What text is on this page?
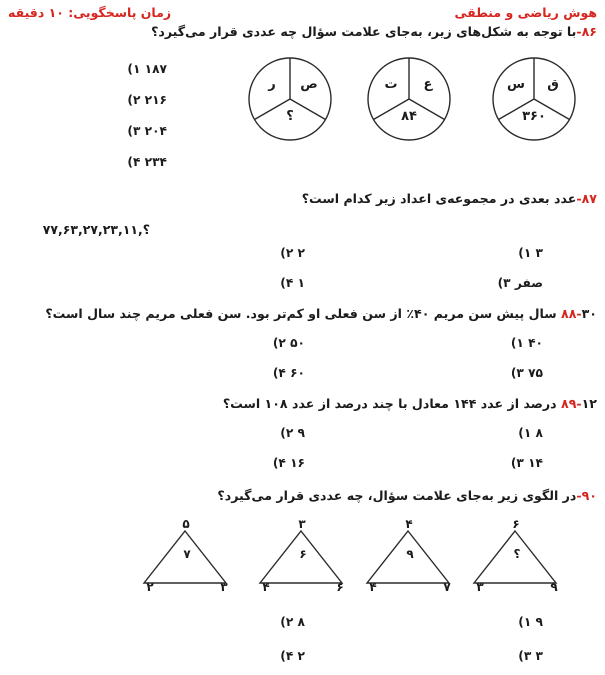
هوش ریاضی و منطقی
زمان پاسخگویی: ۱۰ دقیقه
۸۶-با توجه به شکل‌های زیر، به‌جای علامت سؤال چه عددی قرار می‌گیرد؟
ق
س
۳۶۰
ع
ت
۸۴
ص
ر
؟
۱۸۷ ۱)
۲۱۶ ۲)
۲۰۴ ۳)
۲۳۴ ۴)
۸۷-عدد بعدی در مجموعه‌ی اعداد زیر کدام است؟
۷۷,۶۳,۲۷,۲۳,۱۱,؟
۳ ۱)
۲ ۲)
صفر ۳)
۱ ۴)
۸۸-۳۰ سال پیش سن مریم ۴۰٪ از سن فعلی او کم‌تر بود. سن فعلی مریم چند سال است؟
۴۰ ۱)
۵۰ ۲)
۷۵ ۳)
۶۰ ۴)
۸۹-۱۲ درصد از عدد ۱۴۴ معادل با چند درصد از عدد ۱۰۸ است؟
۸ ۱)
۹ ۲)
۱۴ ۳)
۱۶ ۴)
۹۰-در الگوی زیر به‌جای علامت سؤال، چه عددی قرار می‌گیرد؟
۵
۷
۲	۳
۳
۶
۴	۶
۴
۹
۴	۷
۶
؟
۳	۹
۹ ۱)
۸ ۲)
۳ ۳)
۲ ۴)
